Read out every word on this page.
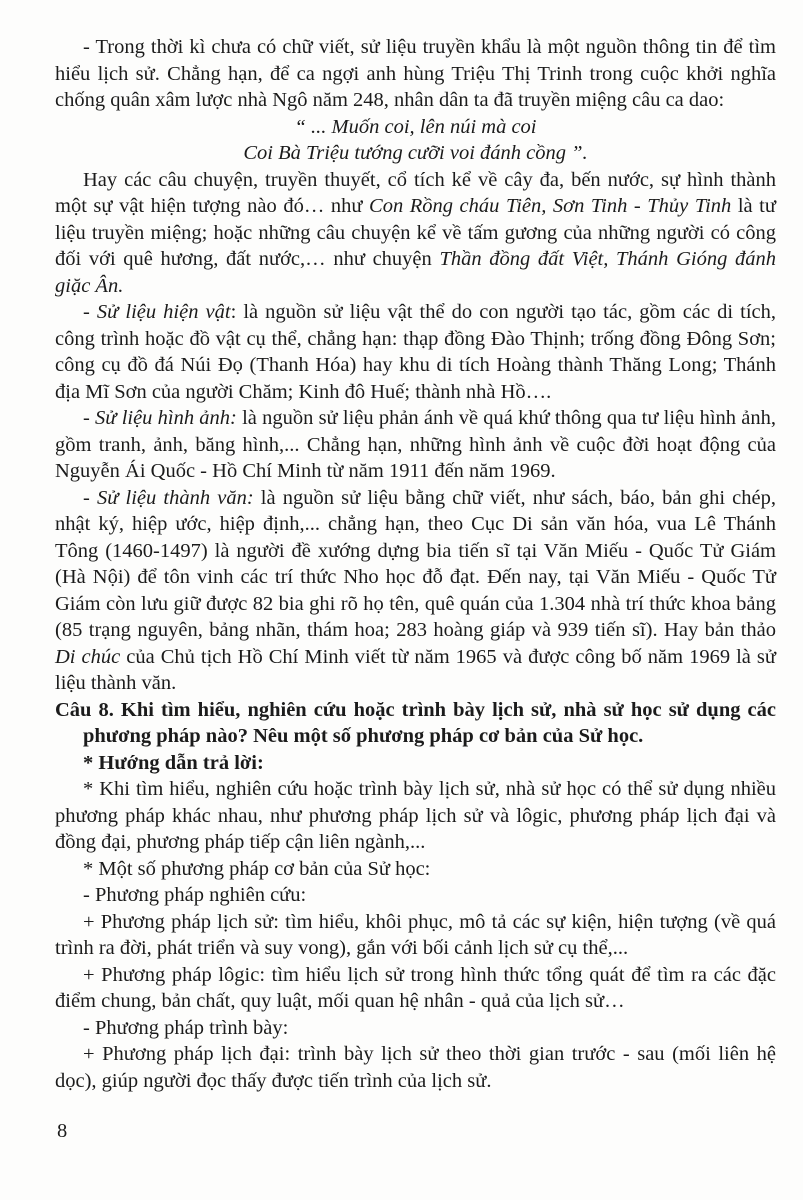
- Trong thời kì chưa có chữ viết, sử liệu truyền khẩu là một nguồn thông tin để tìm hiểu lịch sử. Chẳng hạn, để ca ngợi anh hùng Triệu Thị Trinh trong cuộc khởi nghĩa chống quân xâm lược nhà Ngô năm 248, nhân dân ta đã truyền miệng câu ca dao:

“ ... Muốn coi, lên núi mà coi
Coi Bà Triệu tướng cưỡi voi đánh cồng ”.

Hay các câu chuyện, truyền thuyết, cổ tích kể về cây đa, bến nước, sự hình thành một sự vật hiện tượng nào đó… như Con Rồng cháu Tiên, Sơn Tinh - Thủy Tinh là tư liệu truyền miệng; hoặc những câu chuyện kể về tấm gương của những người có công đối với quê hương, đất nước,… như chuyện Thần đồng đất Việt, Thánh Gióng đánh giặc Ân.

- Sử liệu hiện vật: là nguồn sử liệu vật thể do con người tạo tác, gồm các di tích, công trình hoặc đồ vật cụ thể, chẳng hạn: thạp đồng Đào Thịnh; trống đồng Đông Sơn; công cụ đồ đá Núi Đọ (Thanh Hóa) hay khu di tích Hoàng thành Thăng Long; Thánh địa Mĩ Sơn của người Chăm; Kinh đô Huế; thành nhà Hồ….

- Sử liệu hình ảnh: là nguồn sử liệu phản ánh về quá khứ thông qua tư liệu hình ảnh, gồm tranh, ảnh, băng hình,... Chẳng hạn, những hình ảnh về cuộc đời hoạt động của Nguyễn Ái Quốc - Hồ Chí Minh từ năm 1911 đến năm 1969.

- Sử liệu thành văn: là nguồn sử liệu bằng chữ viết, như sách, báo, bản ghi chép, nhật ký, hiệp ước, hiệp định,... chẳng hạn, theo Cục Di sản văn hóa, vua Lê Thánh Tông (1460-1497) là người đề xướng dựng bia tiến sĩ tại Văn Miếu - Quốc Tử Giám (Hà Nội) để tôn vinh các trí thức Nho học đỗ đạt. Đến nay, tại Văn Miếu - Quốc Tử Giám còn lưu giữ được 82 bia ghi rõ họ tên, quê quán của 1.304 nhà trí thức khoa bảng (85 trạng nguyên, bảng nhãn, thám hoa; 283 hoàng giáp và 939 tiến sĩ). Hay bản thảo Di chúc của Chủ tịch Hồ Chí Minh viết từ năm 1965 và được công bố năm 1969 là sử liệu thành văn.

Câu 8. Khi tìm hiểu, nghiên cứu hoặc trình bày lịch sử, nhà sử học sử dụng các phương pháp nào? Nêu một số phương pháp cơ bản của Sử học.

* Hướng dẫn trả lời:

* Khi tìm hiểu, nghiên cứu hoặc trình bày lịch sử, nhà sử học có thể sử dụng nhiều phương pháp khác nhau, như phương pháp lịch sử và lôgic, phương pháp lịch đại và đồng đại, phương pháp tiếp cận liên ngành,...

* Một số phương pháp cơ bản của Sử học:

- Phương pháp nghiên cứu:

+ Phương pháp lịch sử: tìm hiểu, khôi phục, mô tả các sự kiện, hiện tượng (về quá trình ra đời, phát triển và suy vong), gắn với bối cảnh lịch sử cụ thể,...

+ Phương pháp lôgic: tìm hiểu lịch sử trong hình thức tổng quát để tìm ra các đặc điểm chung, bản chất, quy luật, mối quan hệ nhân - quả của lịch sử…

- Phương pháp trình bày:

+ Phương pháp lịch đại: trình bày lịch sử theo thời gian trước - sau (mối liên hệ dọc), giúp người đọc thấy được tiến trình của lịch sử.

8
